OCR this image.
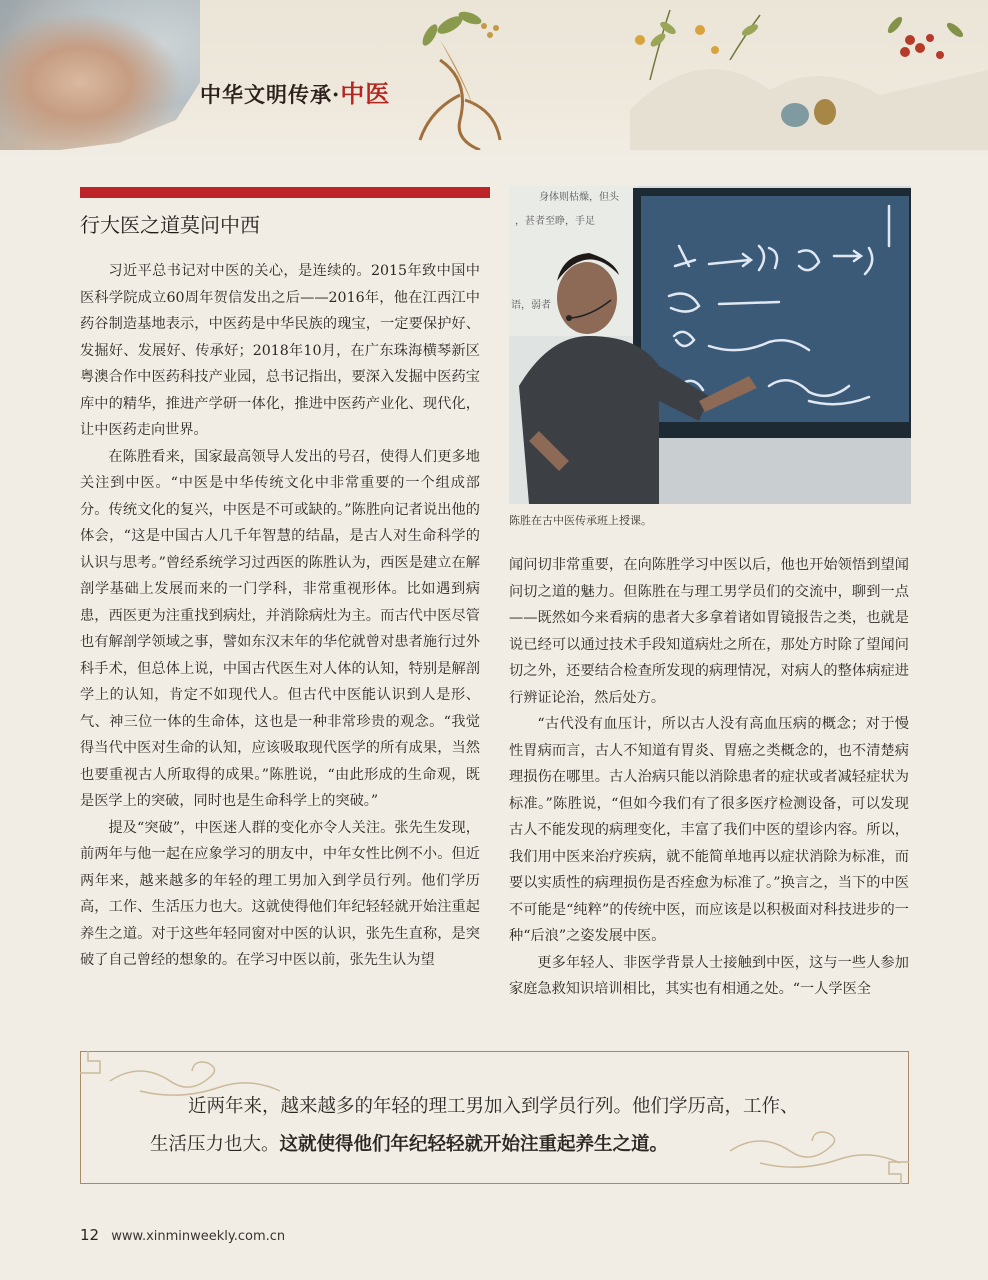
中华文明传承·中医
行大医之道莫问中西

习近平总书记对中医的关心，是连续的。2015年致中国中医科学院成立60周年贺信发出之后——2016年，他在江西江中药谷制造基地表示，中医药是中华民族的瑰宝，一定要保护好、发掘好、发展好、传承好；2018年10月，在广东珠海横琴新区粤澳合作中医药科技产业园，总书记指出，要深入发掘中医药宝库中的精华，推进产学研一体化，推进中医药产业化、现代化，让中医药走向世界。

在陈胜看来，国家最高领导人发出的号召，使得人们更多地关注到中医。“中医是中华传统文化中非常重要的一个组成部分。传统文化的复兴，中医是不可或缺的。”陈胜向记者说出他的体会，“这是中国古人几千年智慧的结晶，是古人对生命科学的认识与思考。”曾经系统学习过西医的陈胜认为，西医是建立在解剖学基础上发展而来的一门学科，非常重视形体。比如遇到病患，西医更为注重找到病灶，并消除病灶为主。而古代中医尽管也有解剖学领域之事，譬如东汉末年的华佗就曾对患者施行过外科手术，但总体上说，中国古代医生对人体的认知，特别是解剖学上的认知，肯定不如现代人。但古代中医能认识到人是形、气、神三位一体的生命体，这也是一种非常珍贵的观念。“我觉得当代中医对生命的认知，应该吸取现代医学的所有成果，当然也要重视古人所取得的成果。”陈胜说，“由此形成的生命观，既是医学上的突破，同时也是生命科学上的突破。”

提及“突破”，中医迷人群的变化亦令人关注。张先生发现，前两年与他一起在应象学习的朋友中，中年女性比例不小。但近两年来，越来越多的年轻的理工男加入到学员行列。他们学历高，工作、生活压力也大。这就使得他们年纪轻轻就开始注重起养生之道。对于这些年轻同窗对中医的认识，张先生直称，是突破了自己曾经的想象的。在学习中医以前，张先生认为望

身体则枯燥，但头
，甚者至睁，手足
语，弱者
陈胜在古中医传承班上授课。

闻问切非常重要，在向陈胜学习中医以后，他也开始领悟到望闻问切之道的魅力。但陈胜在与理工男学员们的交流中，聊到一点——既然如今来看病的患者大多拿着诸如胃镜报告之类，也就是说已经可以通过技术手段知道病灶之所在，那处方时除了望闻问切之外，还要结合检查所发现的病理情况，对病人的整体病症进行辨证论治，然后处方。

“古代没有血压计，所以古人没有高血压病的概念；对于慢性胃病而言，古人不知道有胃炎、胃癌之类概念的，也不清楚病理损伤在哪里。古人治病只能以消除患者的症状或者减轻症状为标准。”陈胜说，“但如今我们有了很多医疗检测设备，可以发现古人不能发现的病理变化，丰富了我们中医的望诊内容。所以，我们用中医来治疗疾病，就不能简单地再以症状消除为标准，而要以实质性的病理损伤是否痊愈为标准了。”换言之，当下的中医不可能是“纯粹”的传统中医，而应该是以积极面对科技进步的一种“后浪”之姿发展中医。

更多年轻人、非医学背景人士接触到中医，这与一些人参加家庭急救知识培训相比，其实也有相通之处。“一人学医全

近两年来，越来越多的年轻的理工男加入到学员行列。他们学历高，工作、
生活压力也大。这就使得他们年纪轻轻就开始注重起养生之道。
12 www.xinminweekly.com.cn
